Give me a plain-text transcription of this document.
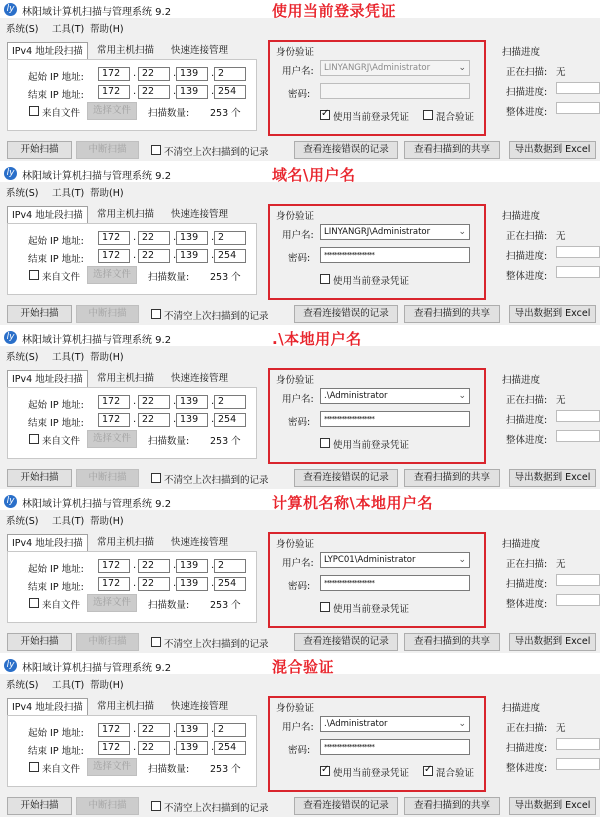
ly 林阳域计算机扫描与管理系统 9.2
系统(S) 工具(T) 帮助(H)
使用当前登录凭证
IPv4 地址段扫描	常用主机扫描	快速连接管理
起始 IP 地址:	172	. 22	. 139	. 2
结束 IP 地址:	172	. 22	. 139	. 254
来自文件	选择文件	扫描数量: 253 个
身份验证
用户名:	LINYANGRJ\Administrator	⌄
密码:
✓
使用当前登录凭证	混合验证
扫描进度
正在扫描: 无
扫描进度:
整体进度:
开始扫描	中断扫描	不清空上次扫描到的记录	查看连接错误的记录	查看扫描到的共享	导出数据到 Excel
ly 林阳域计算机扫描与管理系统 9.2
系统(S) 工具(T) 帮助(H)
域名\用户名
IPv4 地址段扫描	常用主机扫描	快速连接管理
起始 IP 地址:	172	. 22	. 139	. 2
结束 IP 地址:	172	. 22	. 139	. 254
来自文件	选择文件	扫描数量: 253 个
身份验证
用户名:	LINYANGRJ\Administrator	⌄
密码:	********************
使用当前登录凭证
扫描进度
正在扫描: 无
扫描进度:
整体进度:
开始扫描	中断扫描	不清空上次扫描到的记录	查看连接错误的记录	查看扫描到的共享	导出数据到 Excel
ly 林阳域计算机扫描与管理系统 9.2
系统(S) 工具(T) 帮助(H)
.\本地用户名
IPv4 地址段扫描	常用主机扫描	快速连接管理
起始 IP 地址:	172	. 22	. 139	. 2
结束 IP 地址:	172	. 22	. 139	. 254
来自文件	选择文件	扫描数量: 253 个
身份验证
用户名:	.\Administrator	⌄
密码:	********************
使用当前登录凭证
扫描进度
正在扫描: 无
扫描进度:
整体进度:
开始扫描	中断扫描	不清空上次扫描到的记录	查看连接错误的记录	查看扫描到的共享	导出数据到 Excel
ly 林阳域计算机扫描与管理系统 9.2
系统(S) 工具(T) 帮助(H)
计算机名称\本地用户名
IPv4 地址段扫描	常用主机扫描	快速连接管理
起始 IP 地址:	172	. 22	. 139	. 2
结束 IP 地址:	172	. 22	. 139	. 254
来自文件	选择文件	扫描数量: 253 个
身份验证
用户名:	LYPC01\Administrator	⌄
密码:	********************
使用当前登录凭证
扫描进度
正在扫描: 无
扫描进度:
整体进度:
开始扫描	中断扫描	不清空上次扫描到的记录	查看连接错误的记录	查看扫描到的共享	导出数据到 Excel
ly 林阳域计算机扫描与管理系统 9.2
系统(S) 工具(T) 帮助(H)
混合验证
IPv4 地址段扫描	常用主机扫描	快速连接管理
起始 IP 地址:	172	. 22	. 139	. 2
结束 IP 地址:	172	. 22	. 139	. 254
来自文件	选择文件	扫描数量: 253 个
身份验证
用户名:	.\Administrator	⌄
密码:	********************
✓
使用当前登录凭证
✓	混合验证
扫描进度
正在扫描: 无
扫描进度:
整体进度:
开始扫描	中断扫描	不清空上次扫描到的记录	查看连接错误的记录	查看扫描到的共享	导出数据到 Excel
